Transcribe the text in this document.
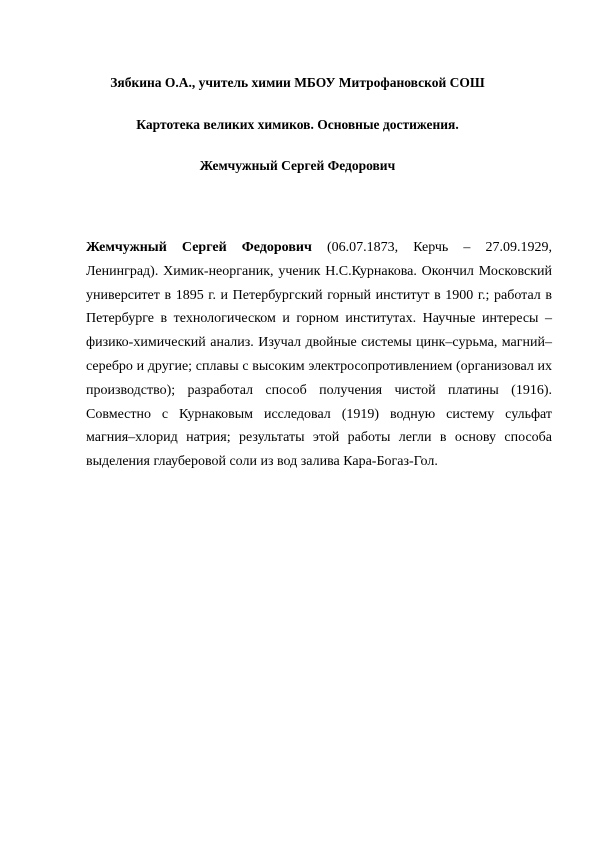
Зябкина О.А., учитель химии МБОУ Митрофановской СОШ
Картотека великих химиков. Основные достижения.
Жемчужный Сергей Федорович

Жемчужный Сергей Федорович (06.07.1873, Керчь – 27.09.1929, Ленинград). Химик-неорганик, ученик Н.С.Курнакова. Окончил Московский университет в 1895 г. и Петербургский горный институт в 1900 г.; работал в Петербурге в технологическом и горном институтах. Научные интересы – физико-химический анализ. Изучал двойные системы цинк–сурьма, магний–серебро и другие; сплавы с высоким электросопротивлением (организовал их производство); разработал способ получения чистой платины (1916). Совместно с Курнаковым исследовал (1919) водную систему сульфат магния–хлорид натрия; результаты этой работы легли в основу способа выделения глауберовой соли из вод залива Кара-Богаз-Гол.
